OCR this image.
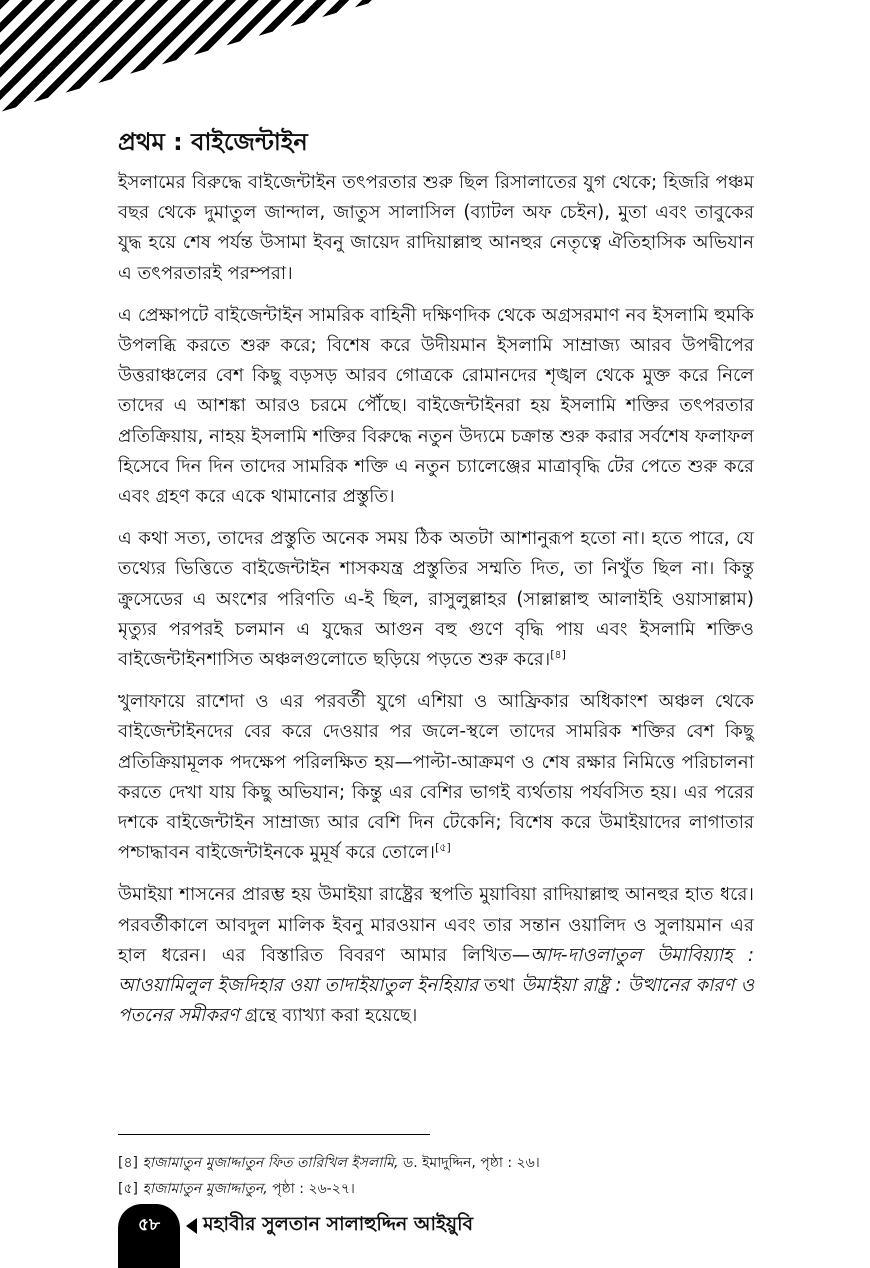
প্রথম : বাইজেন্টাইন

ইসলামের বিরুদ্ধে বাইজেন্টাইন তৎপরতার শুরু ছিল রিসালাতের যুগ থেকে; হিজরি পঞ্চম বছর থেকে দুমাতুল জান্দাল, জাতুস সালাসিল (ব্যাটল অফ চেইন), মুতা এবং তাবুকের যুদ্ধ হয়ে শেষ পর্যন্ত উসামা ইবনু জায়েদ রাদিয়াল্লাহু আনহুর নেতৃত্বে ঐতিহাসিক অভিযান এ তৎপরতারই পরম্পরা।

এ প্রেক্ষাপটে বাইজেন্টাইন সামরিক বাহিনী দক্ষিণদিক থেকে অগ্রসরমাণ নব ইসলামি হুমকি উপলব্ধি করতে শুরু করে; বিশেষ করে উদীয়মান ইসলামি সাম্রাজ্য আরব উপদ্বীপের উত্তরাঞ্চলের বেশ কিছু বড়সড় আরব গোত্রকে রোমানদের শৃঙ্খল থেকে মুক্ত করে নিলে তাদের এ আশঙ্কা আরও চরমে পৌঁছে। বাইজেন্টাইনরা হয় ইসলামি শক্তির তৎপরতার প্রতিক্রিয়ায়, নাহয় ইসলামি শক্তির বিরুদ্ধে নতুন উদ্যমে চক্রান্ত শুরু করার সর্বশেষ ফলাফল হিসেবে দিন দিন তাদের সামরিক শক্তি এ নতুন চ্যালেঞ্জের মাত্রাবৃদ্ধি টের পেতে শুরু করে এবং গ্রহণ করে একে থামানোর প্রস্তুতি।

এ কথা সত্য, তাদের প্রস্তুতি অনেক সময় ঠিক অতটা আশানুরূপ হতো না। হতে পারে, যে তথ্যের ভিত্তিতে বাইজেন্টাইন শাসকযন্ত্র প্রস্তুতির সম্মতি দিত, তা নিখুঁত ছিল না। কিন্তু ক্রুসেডের এ অংশের পরিণতি এ-ই ছিল, রাসুলুল্লাহর (সাল্লাল্লাহু আলাইহি ওয়াসাল্লাম) মৃত্যুর পরপরই চলমান এ যুদ্ধের আগুন বহু গুণে বৃদ্ধি পায় এবং ইসলামি শক্তিও বাইজেন্টাইনশাসিত অঞ্চলগুলোতে ছড়িয়ে পড়তে শুরু করে।[৪]

খুলাফায়ে রাশেদা ও এর পরবর্তী যুগে এশিয়া ও আফ্রিকার অধিকাংশ অঞ্চল থেকে বাইজেন্টাইনদের বের করে দেওয়ার পর জলে-স্থলে তাদের সামরিক শক্তির বেশ কিছু প্রতিক্রিয়ামূলক পদক্ষেপ পরিলক্ষিত হয়—পাল্টা-আক্রমণ ও শেষ রক্ষার নিমিত্তে পরিচালনা করতে দেখা যায় কিছু অভিযান; কিন্তু এর বেশির ভাগই ব্যর্থতায় পর্যবসিত হয়। এর পরের দশকে বাইজেন্টাইন সাম্রাজ্য আর বেশি দিন টেকেনি; বিশেষ করে উমাইয়াদের লাগাতার পশ্চাদ্ধাবন বাইজেন্টাইনকে মুমূর্ষ করে তোলে।[৫]

উমাইয়া শাসনের প্রারম্ভ হয় উমাইয়া রাষ্ট্রের স্থপতি মুয়াবিয়া রাদিয়াল্লাহু আনহুর হাত ধরে। পরবর্তীকালে আবদুল মালিক ইবনু মারওয়ান এবং তার সন্তান ওয়ালিদ ও সুলায়মান এর হাল ধরেন। এর বিস্তারিত বিবরণ আমার লিখিত—আদ-দাওলাতুল উমাবিয়্যাহ : আওয়ামিলুল ইজদিহার ওয়া তাদাইয়াতুল ইনহিয়ার তথা উমাইয়া রাষ্ট্র : উত্থানের কারণ ও পতনের সমীকরণ গ্রন্থে ব্যাখ্যা করা হয়েছে।

[৪] হাজামাতুন মুজাদ্দাতুন ফিত তারিখিল ইসলামি, ড. ইমাদুদ্দিন, পৃষ্ঠা : ২৬।

[৫] হাজামাতুন মুজাদ্দাতুন, পৃষ্ঠা : ২৬-২৭।

৫৮	মহাবীর সুলতান সালাহুদ্দিন আইয়ুবি
